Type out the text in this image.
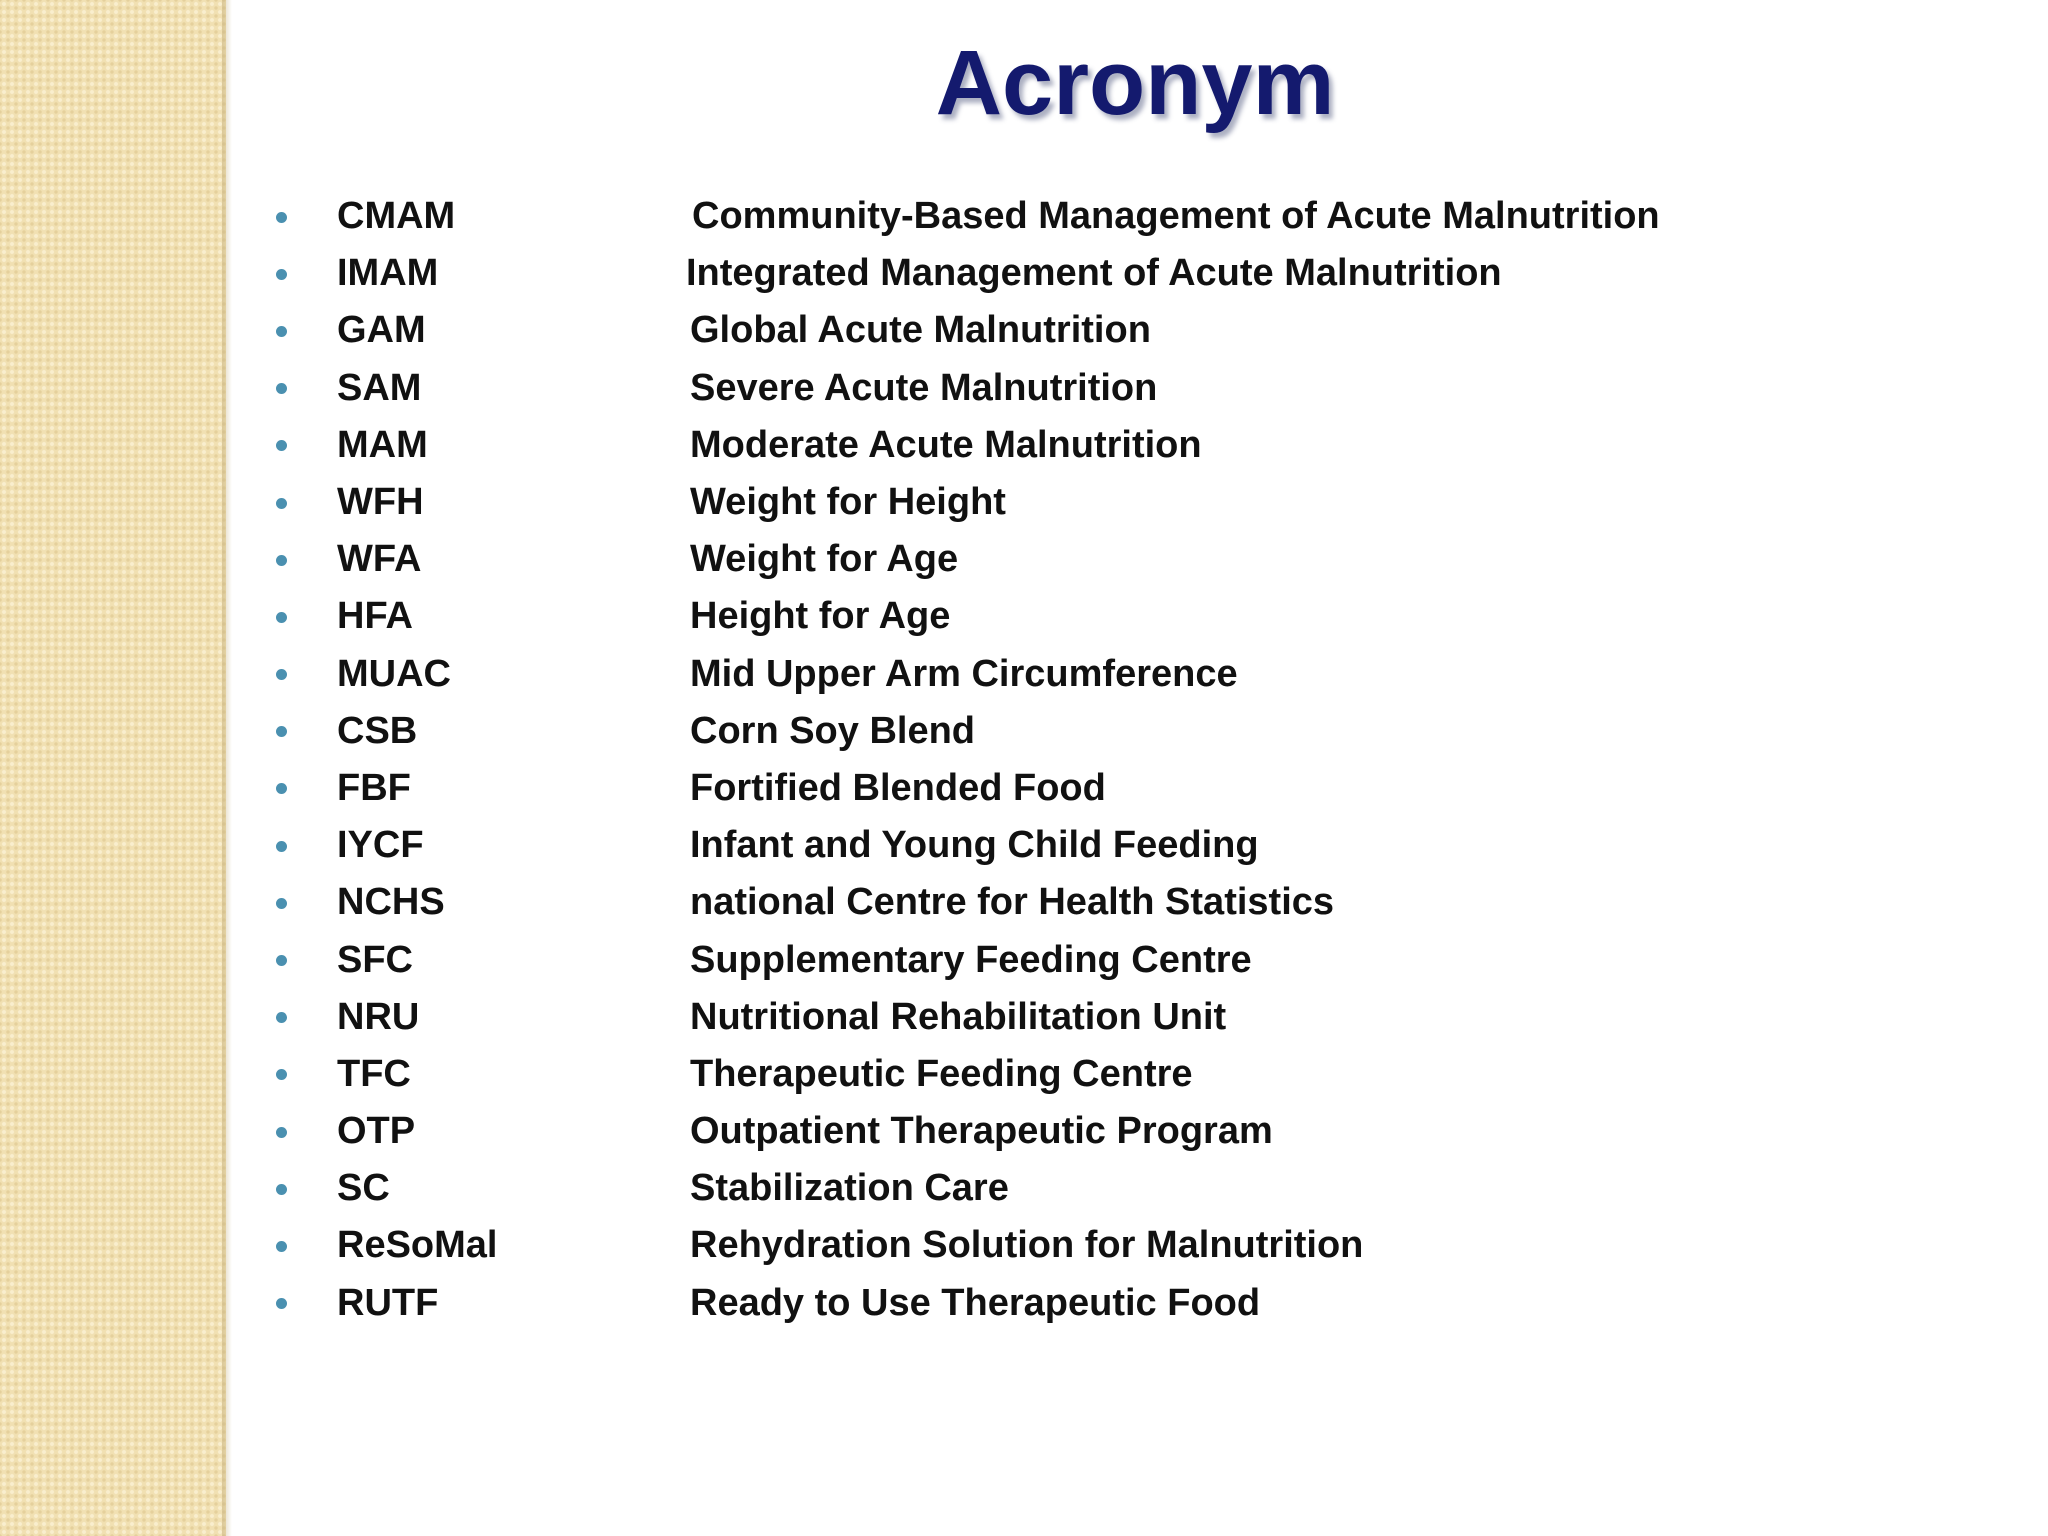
Acronym
CMAM	Community-Based Management of Acute Malnutrition
IMAM	Integrated Management of Acute Malnutrition
GAM	Global Acute Malnutrition
SAM	Severe Acute Malnutrition
MAM	Moderate Acute Malnutrition
WFH	Weight for Height
WFA	Weight for Age
HFA	Height for Age
MUAC	Mid Upper Arm Circumference
CSB	Corn Soy Blend
FBF	Fortified Blended Food
IYCF	Infant and Young Child Feeding
NCHS	national Centre for Health Statistics
SFC	Supplementary Feeding Centre
NRU	Nutritional Rehabilitation Unit
TFC	Therapeutic Feeding Centre
OTP	Outpatient Therapeutic Program
SC	Stabilization Care
ReSoMal	Rehydration Solution for Malnutrition
RUTF	Ready to Use Therapeutic Food
